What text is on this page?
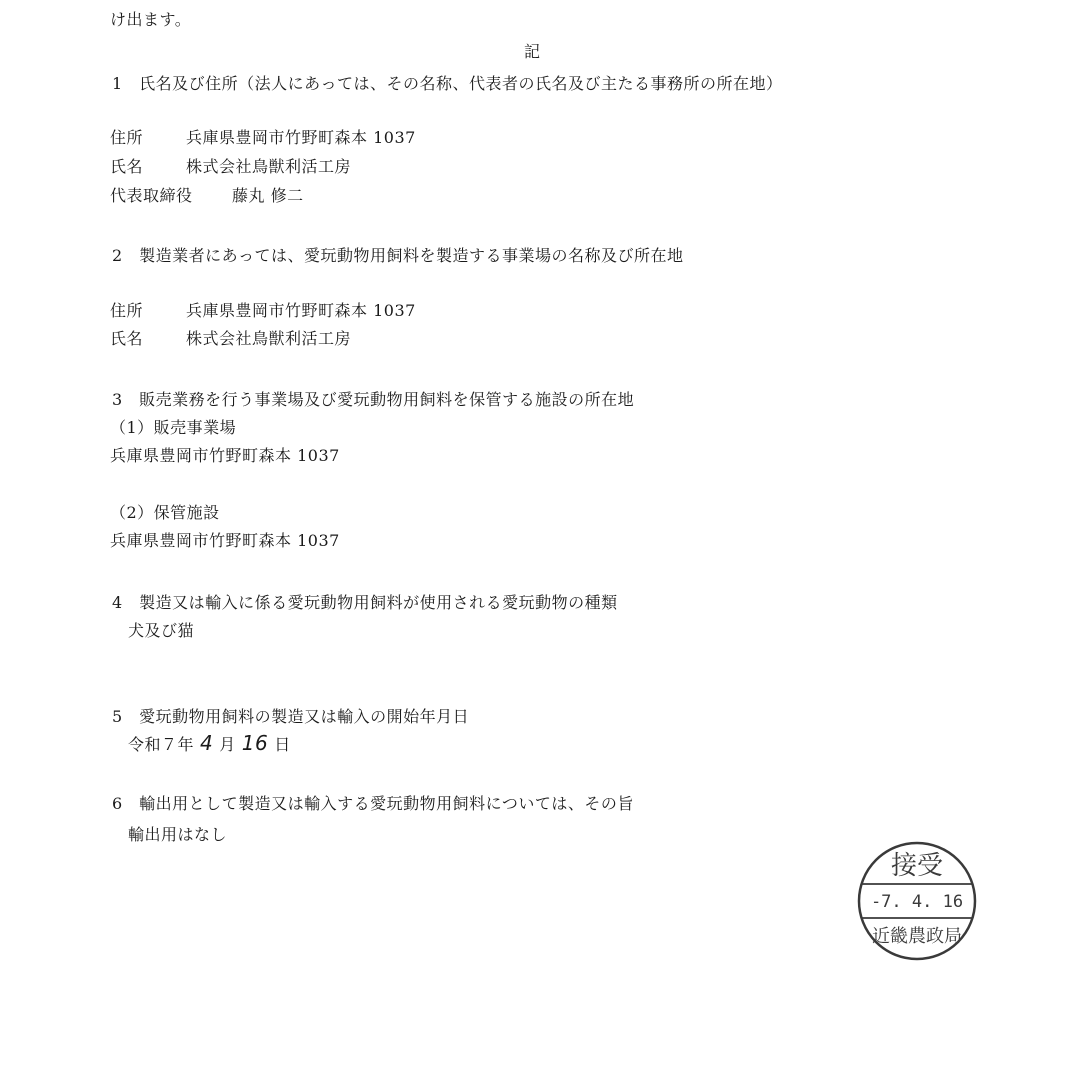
け出ます。
記
1　氏名及び住所（法人にあっては、その名称、代表者の氏名及び主たる事務所の所在地）
住所	兵庫県豊岡市竹野町森本 1037
氏名	株式会社鳥獣利活工房
代表取締役 藤丸 修二
2　製造業者にあっては、愛玩動物用飼料を製造する事業場の名称及び所在地
住所	兵庫県豊岡市竹野町森本 1037
氏名	株式会社鳥獣利活工房
3　販売業務を行う事業場及び愛玩動物用飼料を保管する施設の所在地
（1）販売事業場
兵庫県豊岡市竹野町森本 1037
（2）保管施設
兵庫県豊岡市竹野町森本 1037
4　製造又は輸入に係る愛玩動物用飼料が使用される愛玩動物の種類
犬及び猫
5　愛玩動物用飼料の製造又は輸入の開始年月日
令和７年 4 月 16 日
6　輸出用として製造又は輸入する愛玩動物用飼料については、その旨
輸出用はなし
接受
-7. 4. 16
近畿農政局
